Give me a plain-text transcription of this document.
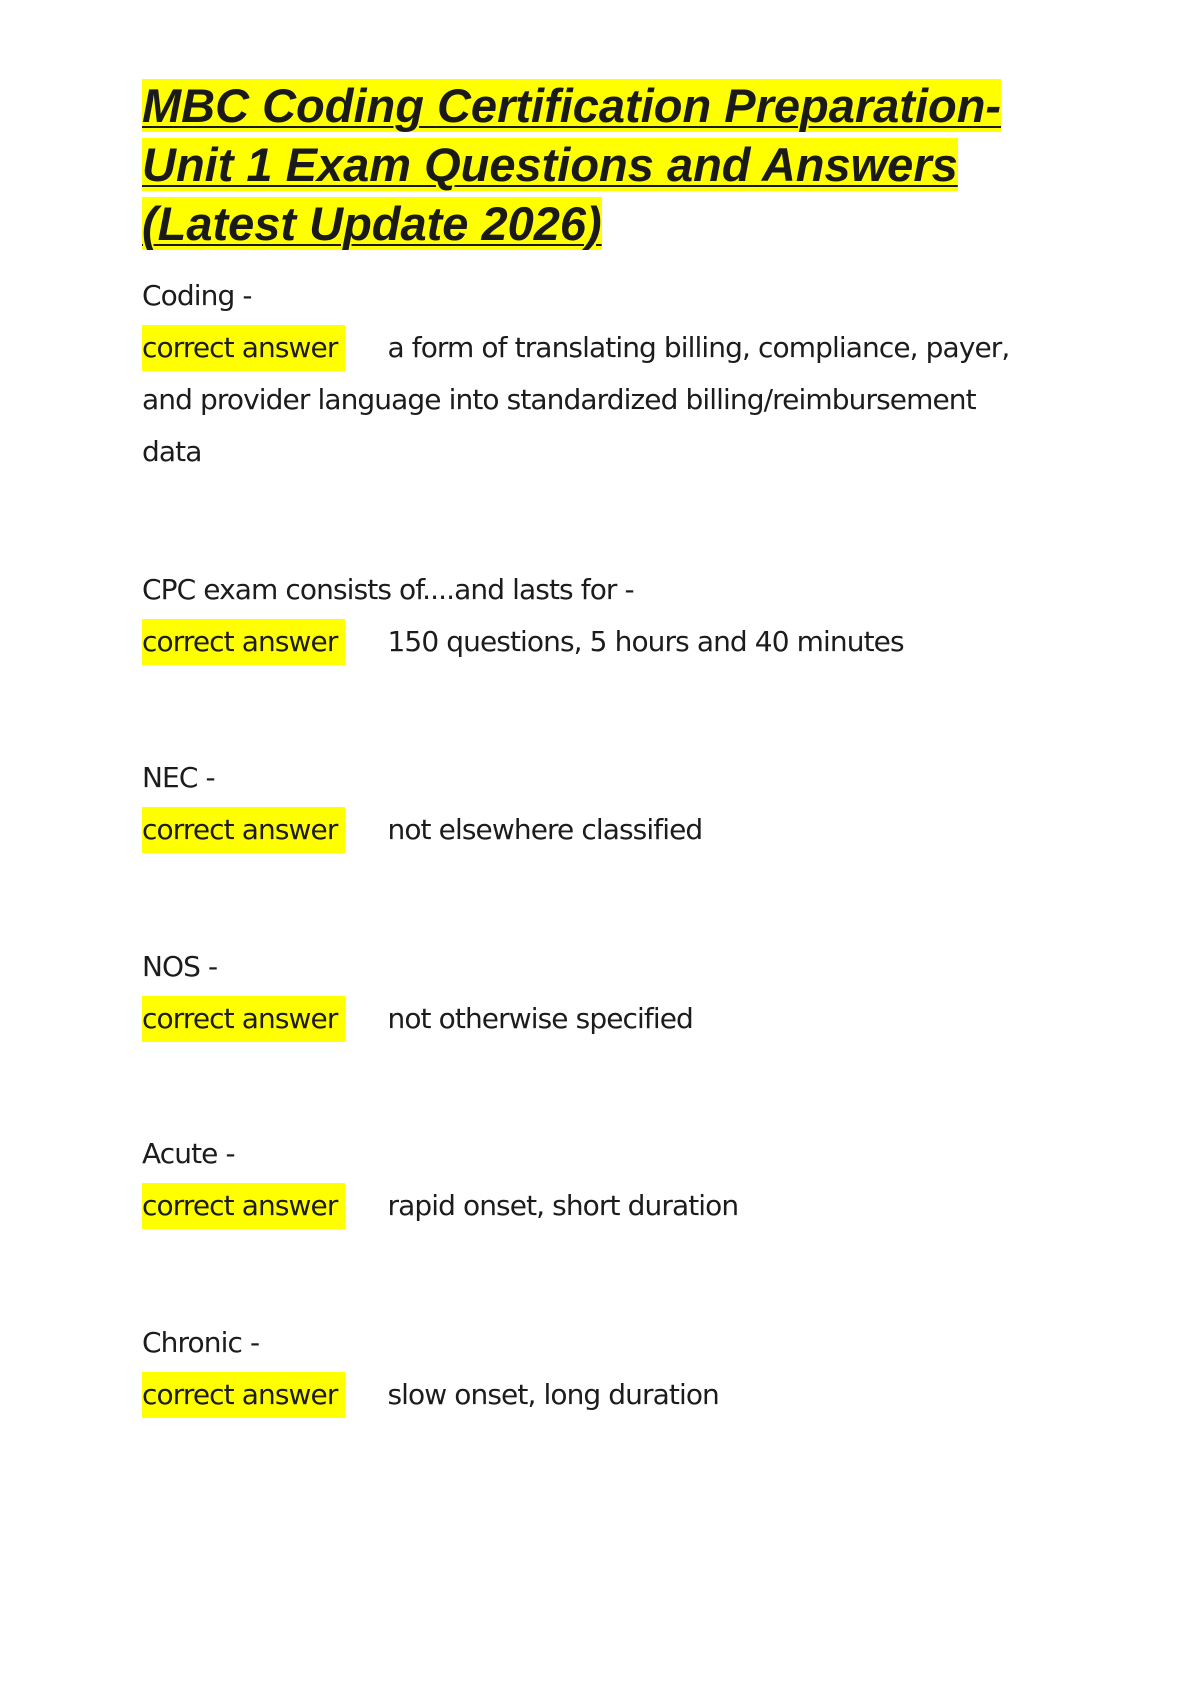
MBC Coding Certification Preparation-
Unit 1 Exam Questions and Answers
(Latest Update 2026)
Coding -
correct answer a form of translating billing, compliance, payer, and provider language into standardized billing/reimbursement data
CPC exam consists of....and lasts for -
correct answer 150 questions, 5 hours and 40 minutes
NEC -
correct answer not elsewhere classified
NOS -
correct answer not otherwise specified
Acute -
correct answer rapid onset, short duration
Chronic -
correct answer slow onset, long duration
